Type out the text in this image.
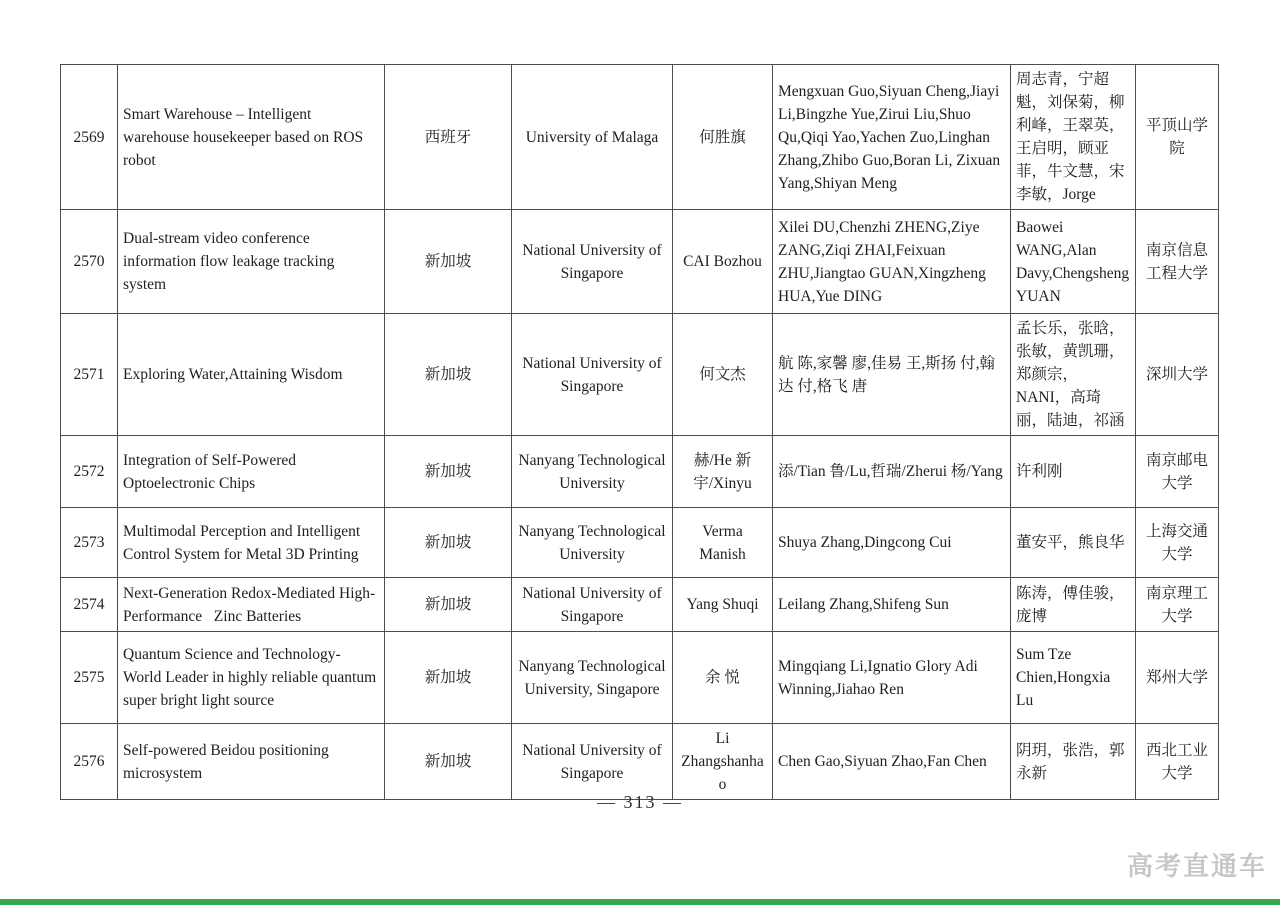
2569	Smart Warehouse – Intelligent warehouse housekeeper based on ROS robot	西班牙	University of Malaga	何胜旗	Mengxuan Guo,Siyuan Cheng,Jiayi Li,Bingzhe Yue,Zirui Liu,Shuo Qu,Qiqi Yao,Yachen Zuo,Linghan Zhang,Zhibo Guo,Boran Li, Zixuan Yang,Shiyan Meng	周志青，宁超魁，刘保菊，柳利峰，王翠英，王启明，顾亚菲，牛文慧，宋李敏，Jorge	平顶山学院
2570	Dual-stream video conference information flow leakage tracking system	新加坡	National University of Singapore	CAI Bozhou	Xilei DU,Chenzhi ZHENG,Ziye ZANG,Ziqi ZHAI,Feixuan ZHU,Jiangtao GUAN,Xingzheng HUA,Yue DING	Baowei WANG,Alan Davy,Chengsheng YUAN	南京信息工程大学
2571	Exploring Water,Attaining Wisdom	新加坡	National University of Singapore	何文杰	航 陈,家馨 廖,佳易 王,斯扬 付,翰达 付,格飞 唐	孟长乐，张晗，张敏，黄凯珊，郑颜宗，NANI，高琦丽，陆迪，祁涵	深圳大学
2572	Integration of Self-Powered Optoelectronic Chips	新加坡	Nanyang Technological University	赫/He 新宇/Xinyu	添/Tian 鲁/Lu,哲瑞/Zherui 杨/Yang	许利刚	南京邮电大学
2573	Multimodal Perception and Intelligent Control System for Metal 3D Printing	新加坡	Nanyang Technological University	Verma Manish	Shuya Zhang,Dingcong Cui	董安平，熊良华	上海交通大学
2574	Next-Generation Redox-Mediated High-Performance   Zinc Batteries	新加坡	National University of Singapore	Yang Shuqi	Leilang Zhang,Shifeng Sun	陈涛，傅佳骏，庞博	南京理工大学
2575	Quantum Science and Technology-World Leader in highly reliable quantum super bright light source	新加坡	Nanyang Technological University, Singapore	余 悦	Mingqiang Li,Ignatio Glory Adi Winning,Jiahao Ren	Sum Tze Chien,Hongxia Lu	郑州大学
2576	Self-powered Beidou positioning microsystem	新加坡	National University of Singapore	Li Zhangshanhao	Chen Gao,Siyuan Zhao,Fan Chen	阴玥，张浩，郭永新	西北工业大学
— 313 —
高考直通车
